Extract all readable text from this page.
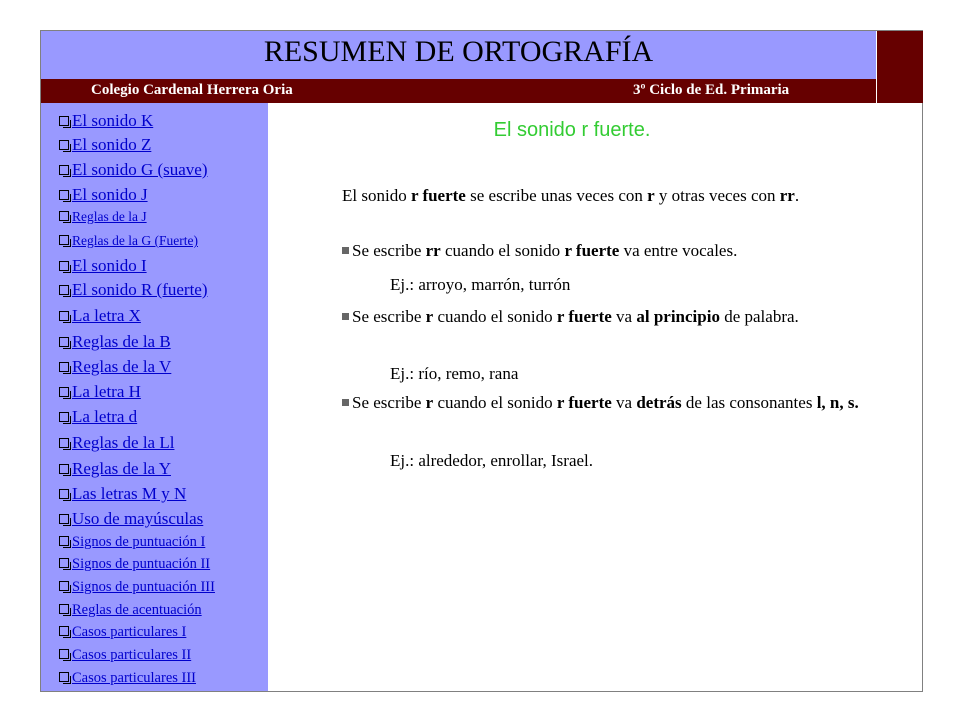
RESUMEN DE ORTOGRAFÍA
Colegio Cardenal Herrera Oria	3º Ciclo de Ed. Primaria
El sonido K
El sonido Z
El sonido G (suave)
El sonido J
Reglas de la J
Reglas de la G (Fuerte)
El sonido I
El sonido R (fuerte)
La letra X
Reglas de la B
Reglas de la V
La letra H
La letra d
Reglas de la Ll
Reglas de la Y
Las letras M y N
Uso de mayúsculas
Signos de puntuación I
Signos de puntuación II
Signos de puntuación III
Reglas de acentuación
Casos particulares I
Casos particulares II
Casos particulares III
El sonido r fuerte.
El sonido r fuerte se escribe unas veces con r y otras veces con rr.
Se escribe rr cuando el sonido r fuerte va entre vocales.
Ej.: arroyo, marrón, turrón
Se escribe r cuando el sonido r fuerte va al principio de palabra.
Ej.: río, remo, rana
Se escribe r cuando el sonido r fuerte va detrás de las consonantes l, n, s.
Ej.: alrededor, enrollar, Israel.
